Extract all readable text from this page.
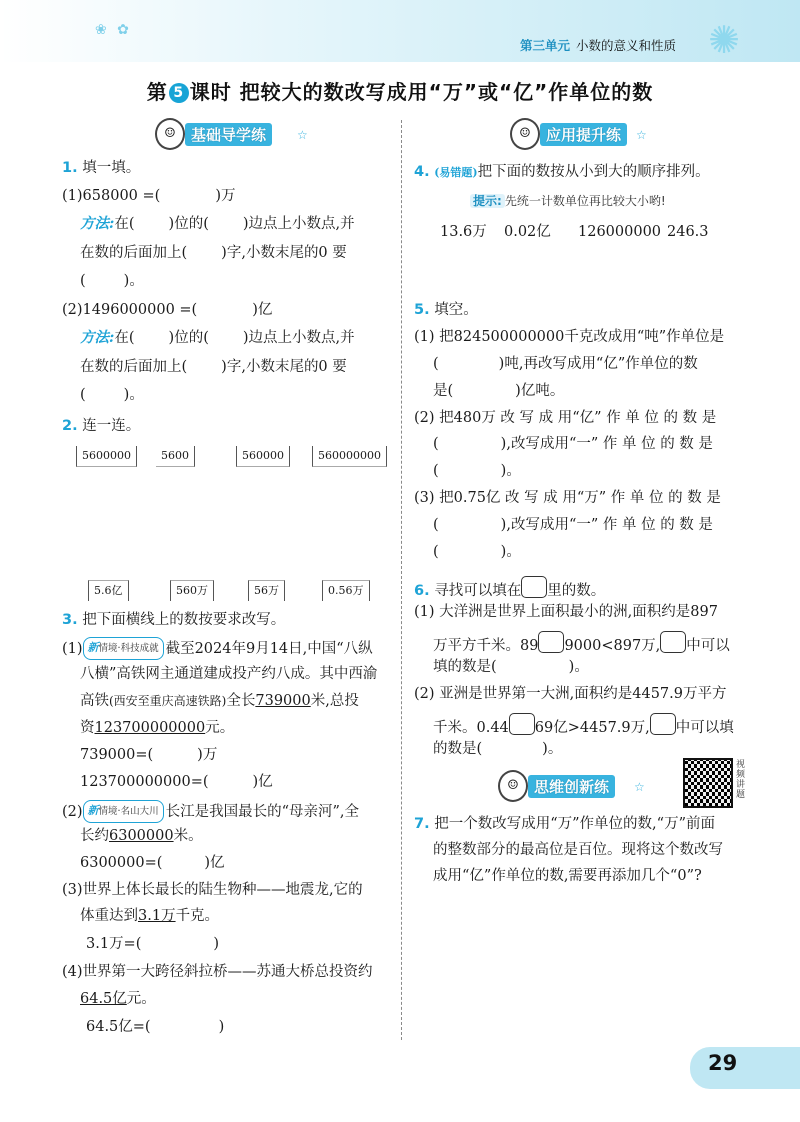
❀ ✿	✺
第三单元 小数的意义和性质
第 5 课时 把较大的数改写成用“万”或“亿”作单位的数
☺	基础导学练	☆
1. 填一填。
(1)658000 =(	)万
方法:在( )位的( )边点上小数点,并
在数的后面加上( )字,小数末尾的0 要
(	)。
(2)1496000000 =(	)亿
方法:在( )位的( )边点上小数点,并
在数的后面加上( )字,小数末尾的0 要
(	)。
2. 连一连。
5600000	5600	560000	560000000
5.6亿	560万	56万	0.56万
3. 把下面横线上的数按要求改写。
(1) 新情境·科技成就 截至2024年9月14日,中国“八纵
八横”高铁网主通道建成投产约八成。其中西渝
高铁(西安至重庆高速铁路)全长739000米,总投
资123700000000元。
739000=(	)万
123700000000=(	)亿
(2) 新情境·名山大川 长江是我国最长的“母亲河”,全
长约6300000米。
6300000=(	)亿
(3)世界上体长最长的陆生物种——地震龙,它的
体重达到3.1万千克。
3.1万=(	)
(4)世界第一大跨径斜拉桥——苏通大桥总投资约
64.5亿元。
64.5亿=(	)
☺	应用提升练	☆
4. (易错题)把下面的数按从小到大的顺序排列。
提示: 先统一计数单位再比较大小哟!
13.6万 0.02亿 126000000 246.3
5. 填空。
(1) 把824500000000千克改成用“吨”作单位是
(	)吨,再改写成用“亿”作单位的数
是(	)亿吨。
(2) 把480万 改 写 成 用“亿” 作 单 位 的 数 是
(	),改写成用“一” 作 单 位 的 数 是
(	)。
(3) 把0.75亿 改 写 成 用“万” 作 单 位 的 数 是
(	),改写成用“一” 作 单 位 的 数 是
(	)。
6. 寻找可以填在 里的数。
(1) 大洋洲是世界上面积最小的洲,面积约是897
万平方千米。89 9000<897万, 中可以
填的数是(	)。
(2) 亚洲是世界第一大洲,面积约是4457.9万平方
千米。0.44 69亿>4457.9万, 中可以填
的数是(	)。
☺	思维创新练	☆
视频讲题
7. 把一个数改写成用“万”作单位的数,“万”前面
的整数部分的最高位是百位。现将这个数改写
成用“亿”作单位的数,需要再添加几个“0”?
29
